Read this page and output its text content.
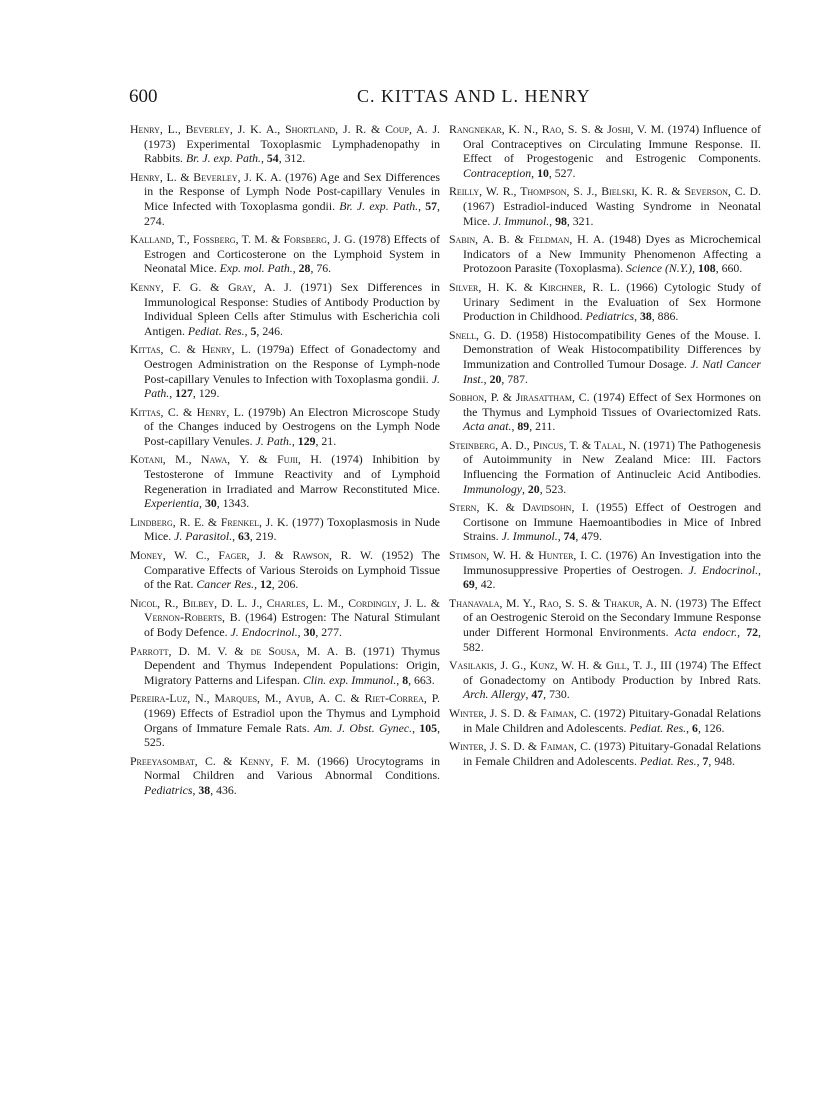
600	C. KITTAS AND L. HENRY

Henry, L., Beverley, J. K. A., Shortland, J. R. & Coup, A. J. (1973) Experimental Toxoplasmic Lymphadenopathy in Rabbits. Br. J. exp. Path., 54, 312.

Henry, L. & Beverley, J. K. A. (1976) Age and Sex Differences in the Response of Lymph Node Post-capillary Venules in Mice Infected with Toxoplasma gondii. Br. J. exp. Path., 57, 274.

Kalland, T., Fossberg, T. M. & Forsberg, J. G. (1978) Effects of Estrogen and Corticosterone on the Lymphoid System in Neonatal Mice. Exp. mol. Path., 28, 76.

Kenny, F. G. & Gray, A. J. (1971) Sex Differences in Immunological Response: Studies of Antibody Production by Individual Spleen Cells after Stimulus with Escherichia coli Antigen. Pediat. Res., 5, 246.

Kittas, C. & Henry, L. (1979a) Effect of Gonadectomy and Oestrogen Administration on the Response of Lymph-node Post-capillary Venules to Infection with Toxoplasma gondii. J. Path., 127, 129.

Kittas, C. & Henry, L. (1979b) An Electron Microscope Study of the Changes induced by Oestrogens on the Lymph Node Post-capillary Venules. J. Path., 129, 21.

Kotani, M., Nawa, Y. & Fujii, H. (1974) Inhibition by Testosterone of Immune Reactivity and of Lymphoid Regeneration in Irradiated and Marrow Reconstituted Mice. Experientia, 30, 1343.

Lindberg, R. E. & Frenkel, J. K. (1977) Toxoplasmosis in Nude Mice. J. Parasitol., 63, 219.

Money, W. C., Fager, J. & Rawson, R. W. (1952) The Comparative Effects of Various Steroids on Lymphoid Tissue of the Rat. Cancer Res., 12, 206.

Nicol, R., Bilbey, D. L. J., Charles, L. M., Cordingly, J. L. & Vernon-Roberts, B. (1964) Estrogen: The Natural Stimulant of Body Defence. J. Endocrinol., 30, 277.

Parrott, D. M. V. & de Sousa, M. A. B. (1971) Thymus Dependent and Thymus Independent Populations: Origin, Migratory Patterns and Lifespan. Clin. exp. Immunol., 8, 663.

Pereira-Luz, N., Marques, M., Ayub, A. C. & Riet-Correa, P. (1969) Effects of Estradiol upon the Thymus and Lymphoid Organs of Immature Female Rats. Am. J. Obst. Gynec., 105, 525.

Preeyasombat, C. & Kenny, F. M. (1966) Urocytograms in Normal Children and Various Abnormal Conditions. Pediatrics, 38, 436.

Rangnekar, K. N., Rao, S. S. & Joshi, V. M. (1974) Influence of Oral Contraceptives on Circulating Immune Response. II. Effect of Progestogenic and Estrogenic Components. Contraception, 10, 527.

Reilly, W. R., Thompson, S. J., Bielski, K. R. & Severson, C. D. (1967) Estradiol-induced Wasting Syndrome in Neonatal Mice. J. Immunol., 98, 321.

Sabin, A. B. & Feldman, H. A. (1948) Dyes as Microchemical Indicators of a New Immunity Phenomenon Affecting a Protozoon Parasite (Toxoplasma). Science (N.Y.), 108, 660.

Silver, H. K. & Kirchner, R. L. (1966) Cytologic Study of Urinary Sediment in the Evaluation of Sex Hormone Production in Childhood. Pediatrics, 38, 886.

Snell, G. D. (1958) Histocompatibility Genes of the Mouse. I. Demonstration of Weak Histocompatibility Differences by Immunization and Controlled Tumour Dosage. J. Natl Cancer Inst., 20, 787.

Sobhon, P. & Jirasattham, C. (1974) Effect of Sex Hormones on the Thymus and Lymphoid Tissues of Ovariectomized Rats. Acta anat., 89, 211.

Steinberg, A. D., Pincus, T. & Talal, N. (1971) The Pathogenesis of Autoimmunity in New Zealand Mice: III. Factors Influencing the Formation of Antinucleic Acid Antibodies. Immunology, 20, 523.

Stern, K. & Davidsohn, I. (1955) Effect of Oestrogen and Cortisone on Immune Haemoantibodies in Mice of Inbred Strains. J. Immunol., 74, 479.

Stimson, W. H. & Hunter, I. C. (1976) An Investigation into the Immunosuppressive Properties of Oestrogen. J. Endocrinol., 69, 42.

Thanavala, M. Y., Rao, S. S. & Thakur, A. N. (1973) The Effect of an Oestrogenic Steroid on the Secondary Immune Response under Different Hormonal Environments. Acta endocr., 72, 582.

Vasilakis, J. G., Kunz, W. H. & Gill, T. J., III (1974) The Effect of Gonadectomy on Antibody Production by Inbred Rats. Arch. Allergy, 47, 730.

Winter, J. S. D. & Faiman, C. (1972) Pituitary-Gonadal Relations in Male Children and Adolescents. Pediat. Res., 6, 126.

Winter, J. S. D. & Faiman, C. (1973) Pituitary-Gonadal Relations in Female Children and Adolescents. Pediat. Res., 7, 948.
